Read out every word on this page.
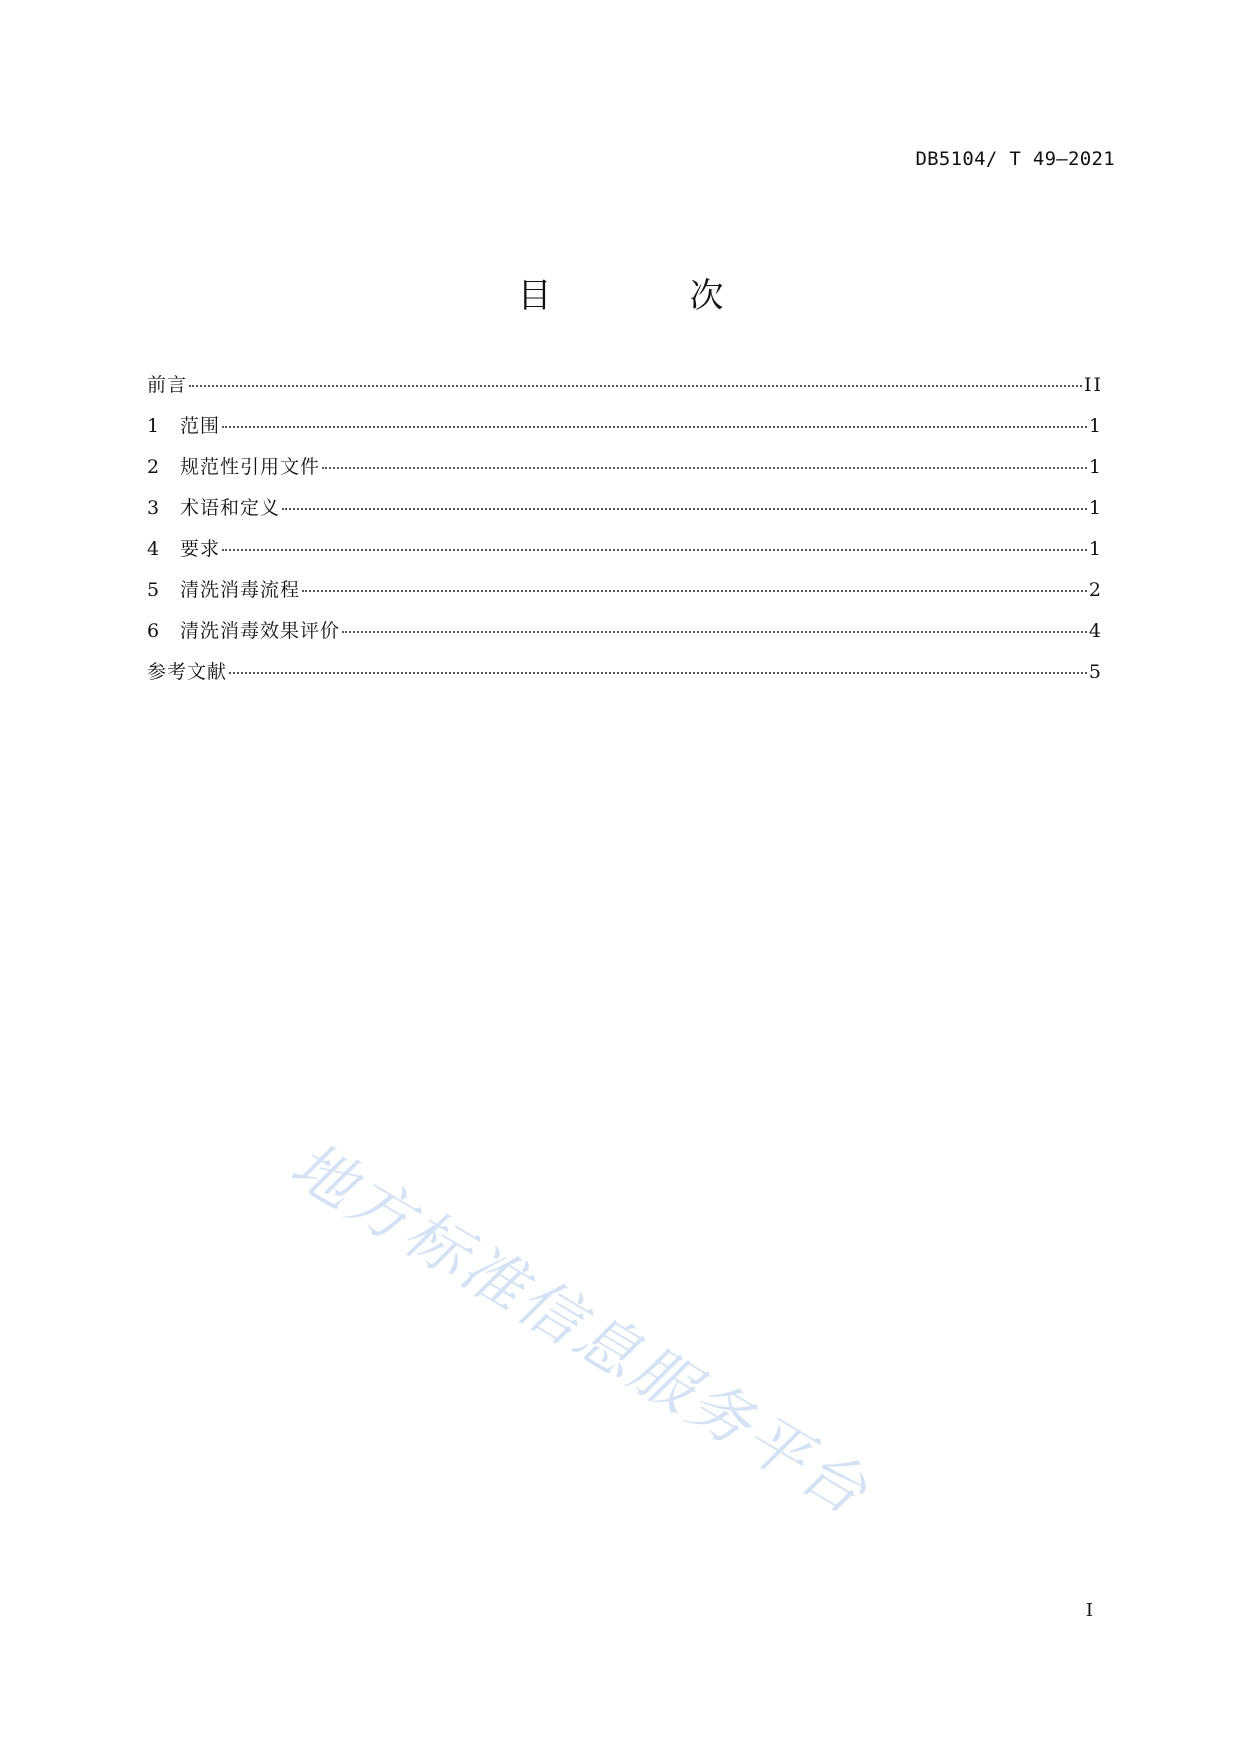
DB5104/ T 49—2021
目　次
前言	II
1	范围	1
2	规范性引用文件	1
3	术语和定义	1
4	要求	1
5	清洗消毒流程	2
6	清洗消毒效果评价	4
参考文献	5
地方标准信息服务平台
I
